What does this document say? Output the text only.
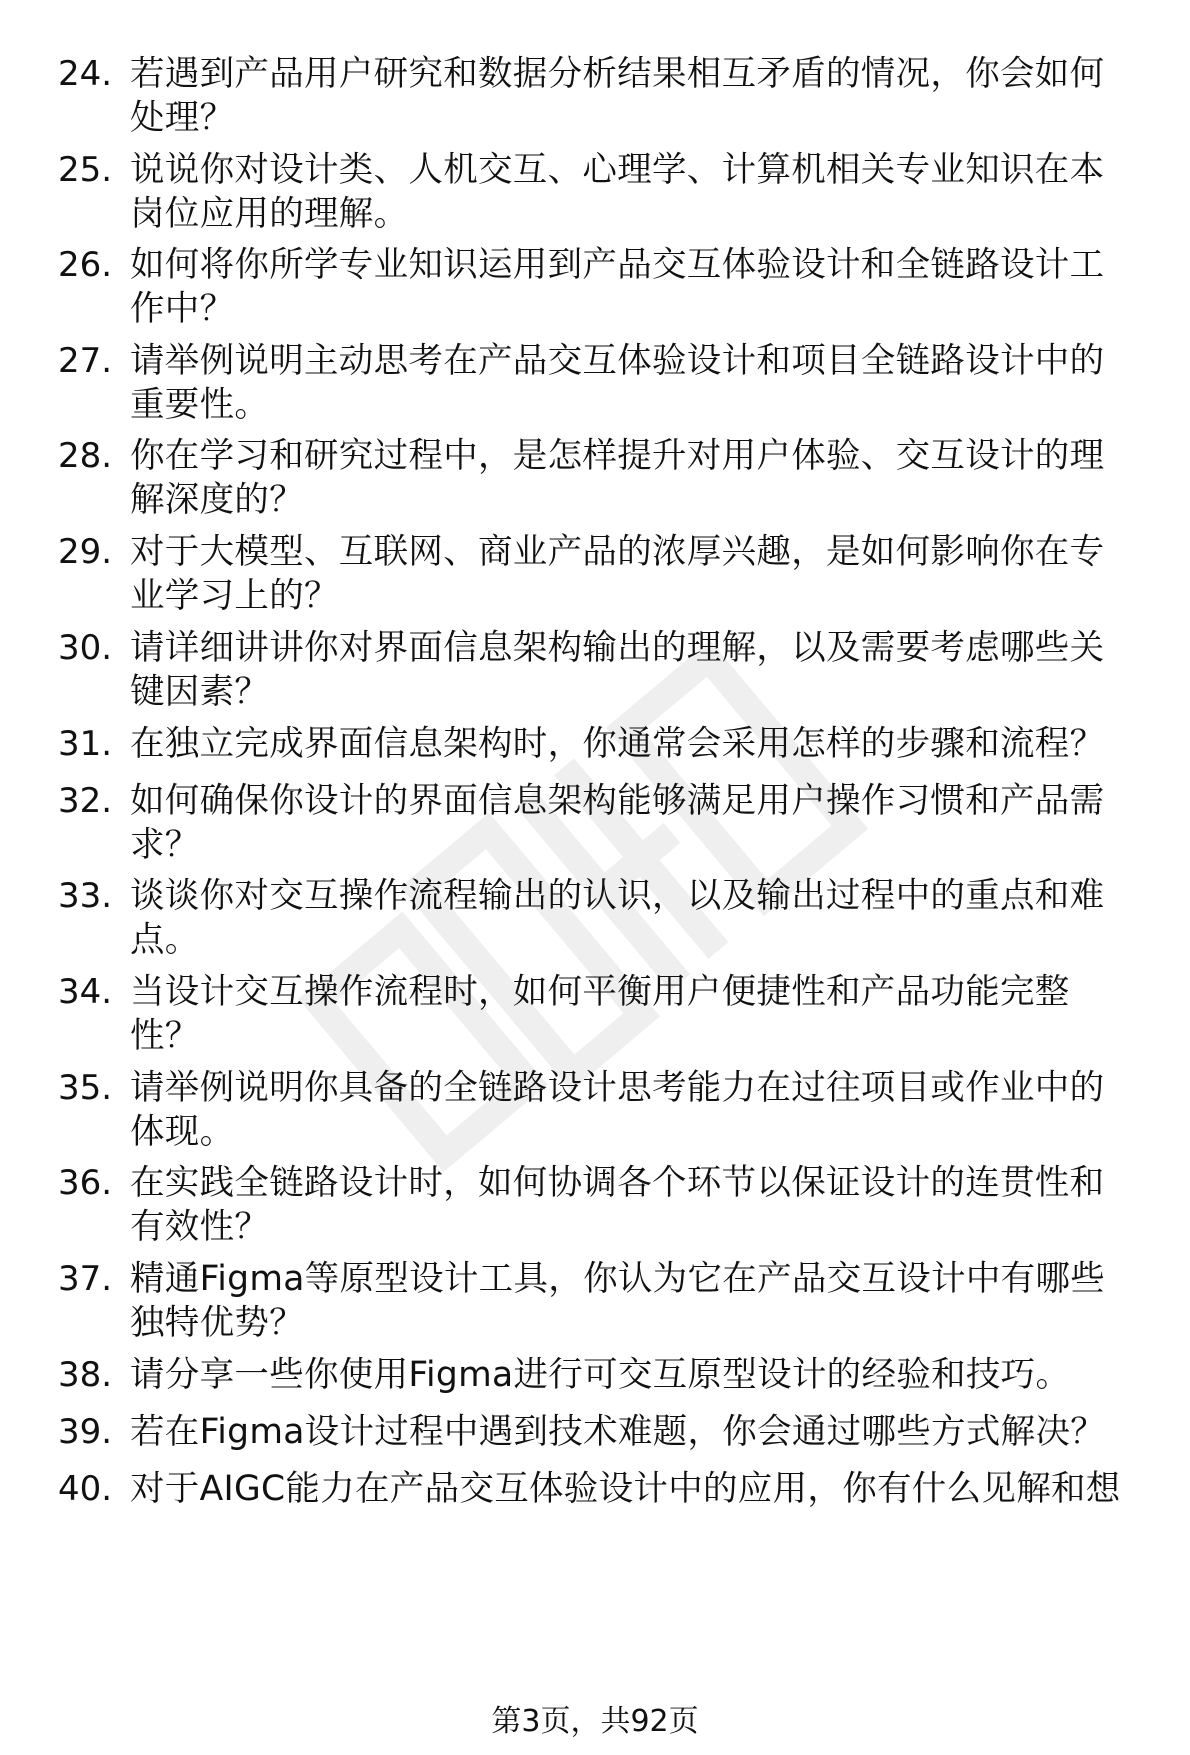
24. 若遇到产品用户研究和数据分析结果相互矛盾的情况，你会如何
处理？
25. 说说你对设计类、人机交互、心理学、计算机相关专业知识在本
岗位应用的理解。
26. 如何将你所学专业知识运用到产品交互体验设计和全链路设计工
作中？
27. 请举例说明主动思考在产品交互体验设计和项目全链路设计中的
重要性。
28. 你在学习和研究过程中，是怎样提升对用户体验、交互设计的理
解深度的？
29. 对于大模型、互联网、商业产品的浓厚兴趣，是如何影响你在专
业学习上的？
30. 请详细讲讲你对界面信息架构输出的理解，以及需要考虑哪些关
键因素？
31. 在独立完成界面信息架构时，你通常会采用怎样的步骤和流程？
32. 如何确保你设计的界面信息架构能够满足用户操作习惯和产品需
求？
33. 谈谈你对交互操作流程输出的认识，以及输出过程中的重点和难
点。
34. 当设计交互操作流程时，如何平衡用户便捷性和产品功能完整
性？
35. 请举例说明你具备的全链路设计思考能力在过往项目或作业中的
体现。
36. 在实践全链路设计时，如何协调各个环节以保证设计的连贯性和
有效性？
37. 精通Figma等原型设计工具，你认为它在产品交互设计中有哪些
独特优势？
38. 请分享一些你使用Figma进行可交互原型设计的经验和技巧。
39. 若在Figma设计过程中遇到技术难题，你会通过哪些方式解决？
40. 对于AIGC能力在产品交互体验设计中的应用，你有什么见解和想
第3页，共92页
